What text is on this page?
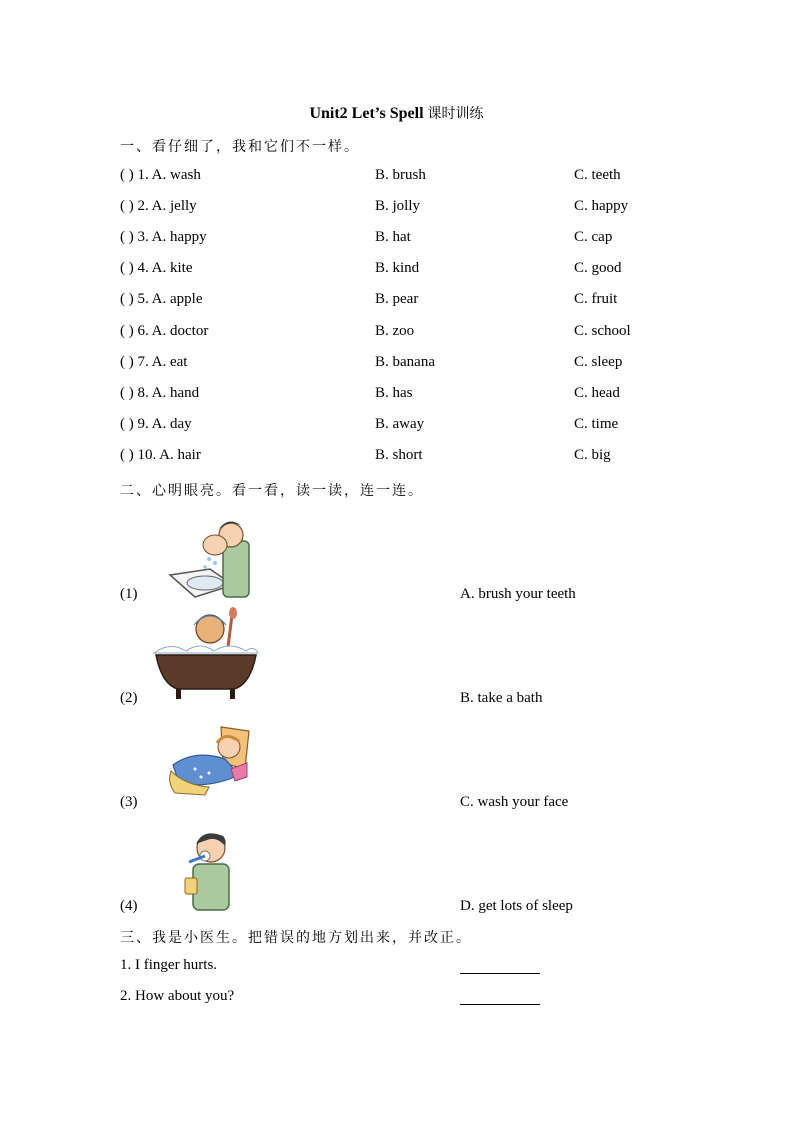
Unit2 Let’s Spell 课时训练
一、看仔细了，我和它们不一样。
( ) 1. A. wash	B. brush	C. teeth
( ) 2. A. jelly	B. jolly	C. happy
( ) 3. A. happy	B. hat	C. cap
( ) 4. A. kite	B. kind	C. good
( ) 5. A. apple	B. pear	C. fruit
( ) 6. A. doctor	B. zoo	C. school
( ) 7. A. eat	B. banana	C. sleep
( ) 8. A. hand	B. has	C. head
( ) 9. A. day	B. away	C. time
( ) 10. A. hair	B. short	C. big
二、心明眼亮。看一看，读一读，连一连。
(1)	A. brush your teeth
(2)	B. take a bath
(3)	C. wash your face
(4)	D. get lots of sleep
三、我是小医生。把错误的地方划出来，并改正。
1. I finger hurts.
2. How about you?
